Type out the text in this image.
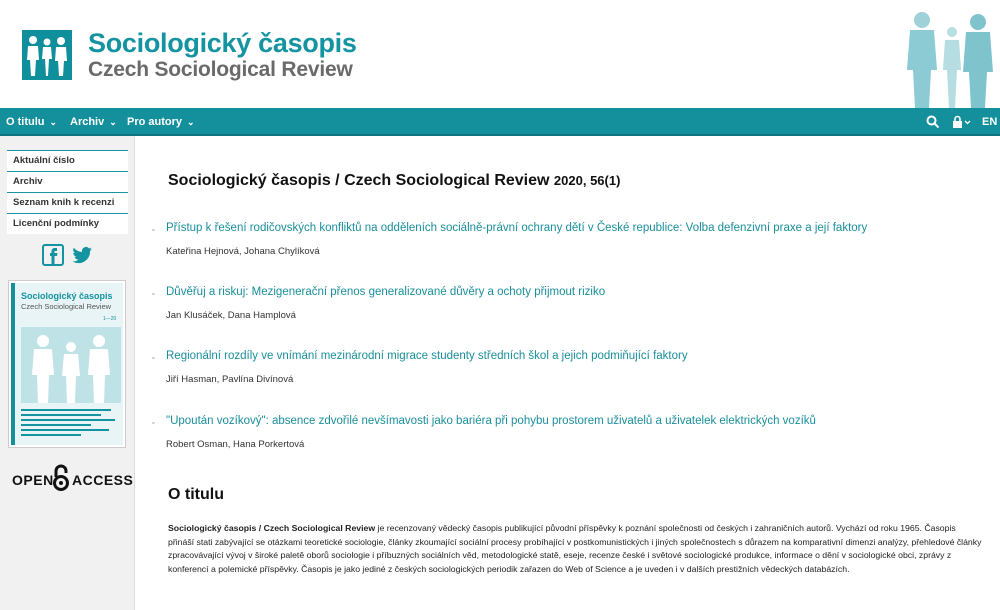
Sociologický časopis
Czech Sociological Review
O titulu ⌄ Archiv ⌄ Pro autory ⌄	EN
Aktuální číslo
Archiv
Seznam knih k recenzi
Licenční podmínky
Sociologický časopis
Czech Sociological Review
1—20
OPEN ACCESS
Sociologický časopis / Czech Sociological Review 2020, 56(1)
⌄ Přístup k řešení rodičovských konfliktů na odděleních sociálně-právní ochrany dětí v České republice: Volba defenzivní praxe a její faktory
Kateřina Hejnová, Johana Chylíková
⌄ Důvěřuj a riskuj: Mezigenerační přenos generalizované důvěry a ochoty přijmout riziko
Jan Klusáček, Dana Hamplová
⌄ Regionální rozdíly ve vnímání mezinárodní migrace studenty středních škol a jejich podmiňující faktory
Jiří Hasman, Pavlína Divínová
⌄ "Upoután vozíkový": absence zdvořilé nevšímavosti jako bariéra při pohybu prostorem uživatelů a uživatelek elektrických vozíků
Robert Osman, Hana Porkertová
O titulu
Sociologický časopis / Czech Sociological Review je recenzovaný vědecký časopis publikující původní příspěvky k poznání společnosti od českých i zahraničních autorů. Vychází od roku 1965. Časopis přináší stati zabývající se otázkami teoretické sociologie, články zkoumající sociální procesy probíhající v postkomunistických i jiných společnostech s důrazem na komparativní dimenzi analýzy, přehledové články zpracovávající vývoj v široké paletě oborů sociologie i příbuzných sociálních věd, metodologické statě, eseje, recenze české i světové sociologické produkce, informace o dění v sociologické obci, zprávy z konferencí a polemické příspěvky. Časopis je jako jediné z českých sociologických periodik zařazen do Web of Science a je uveden i v dalších prestižních vědeckých databázích.
